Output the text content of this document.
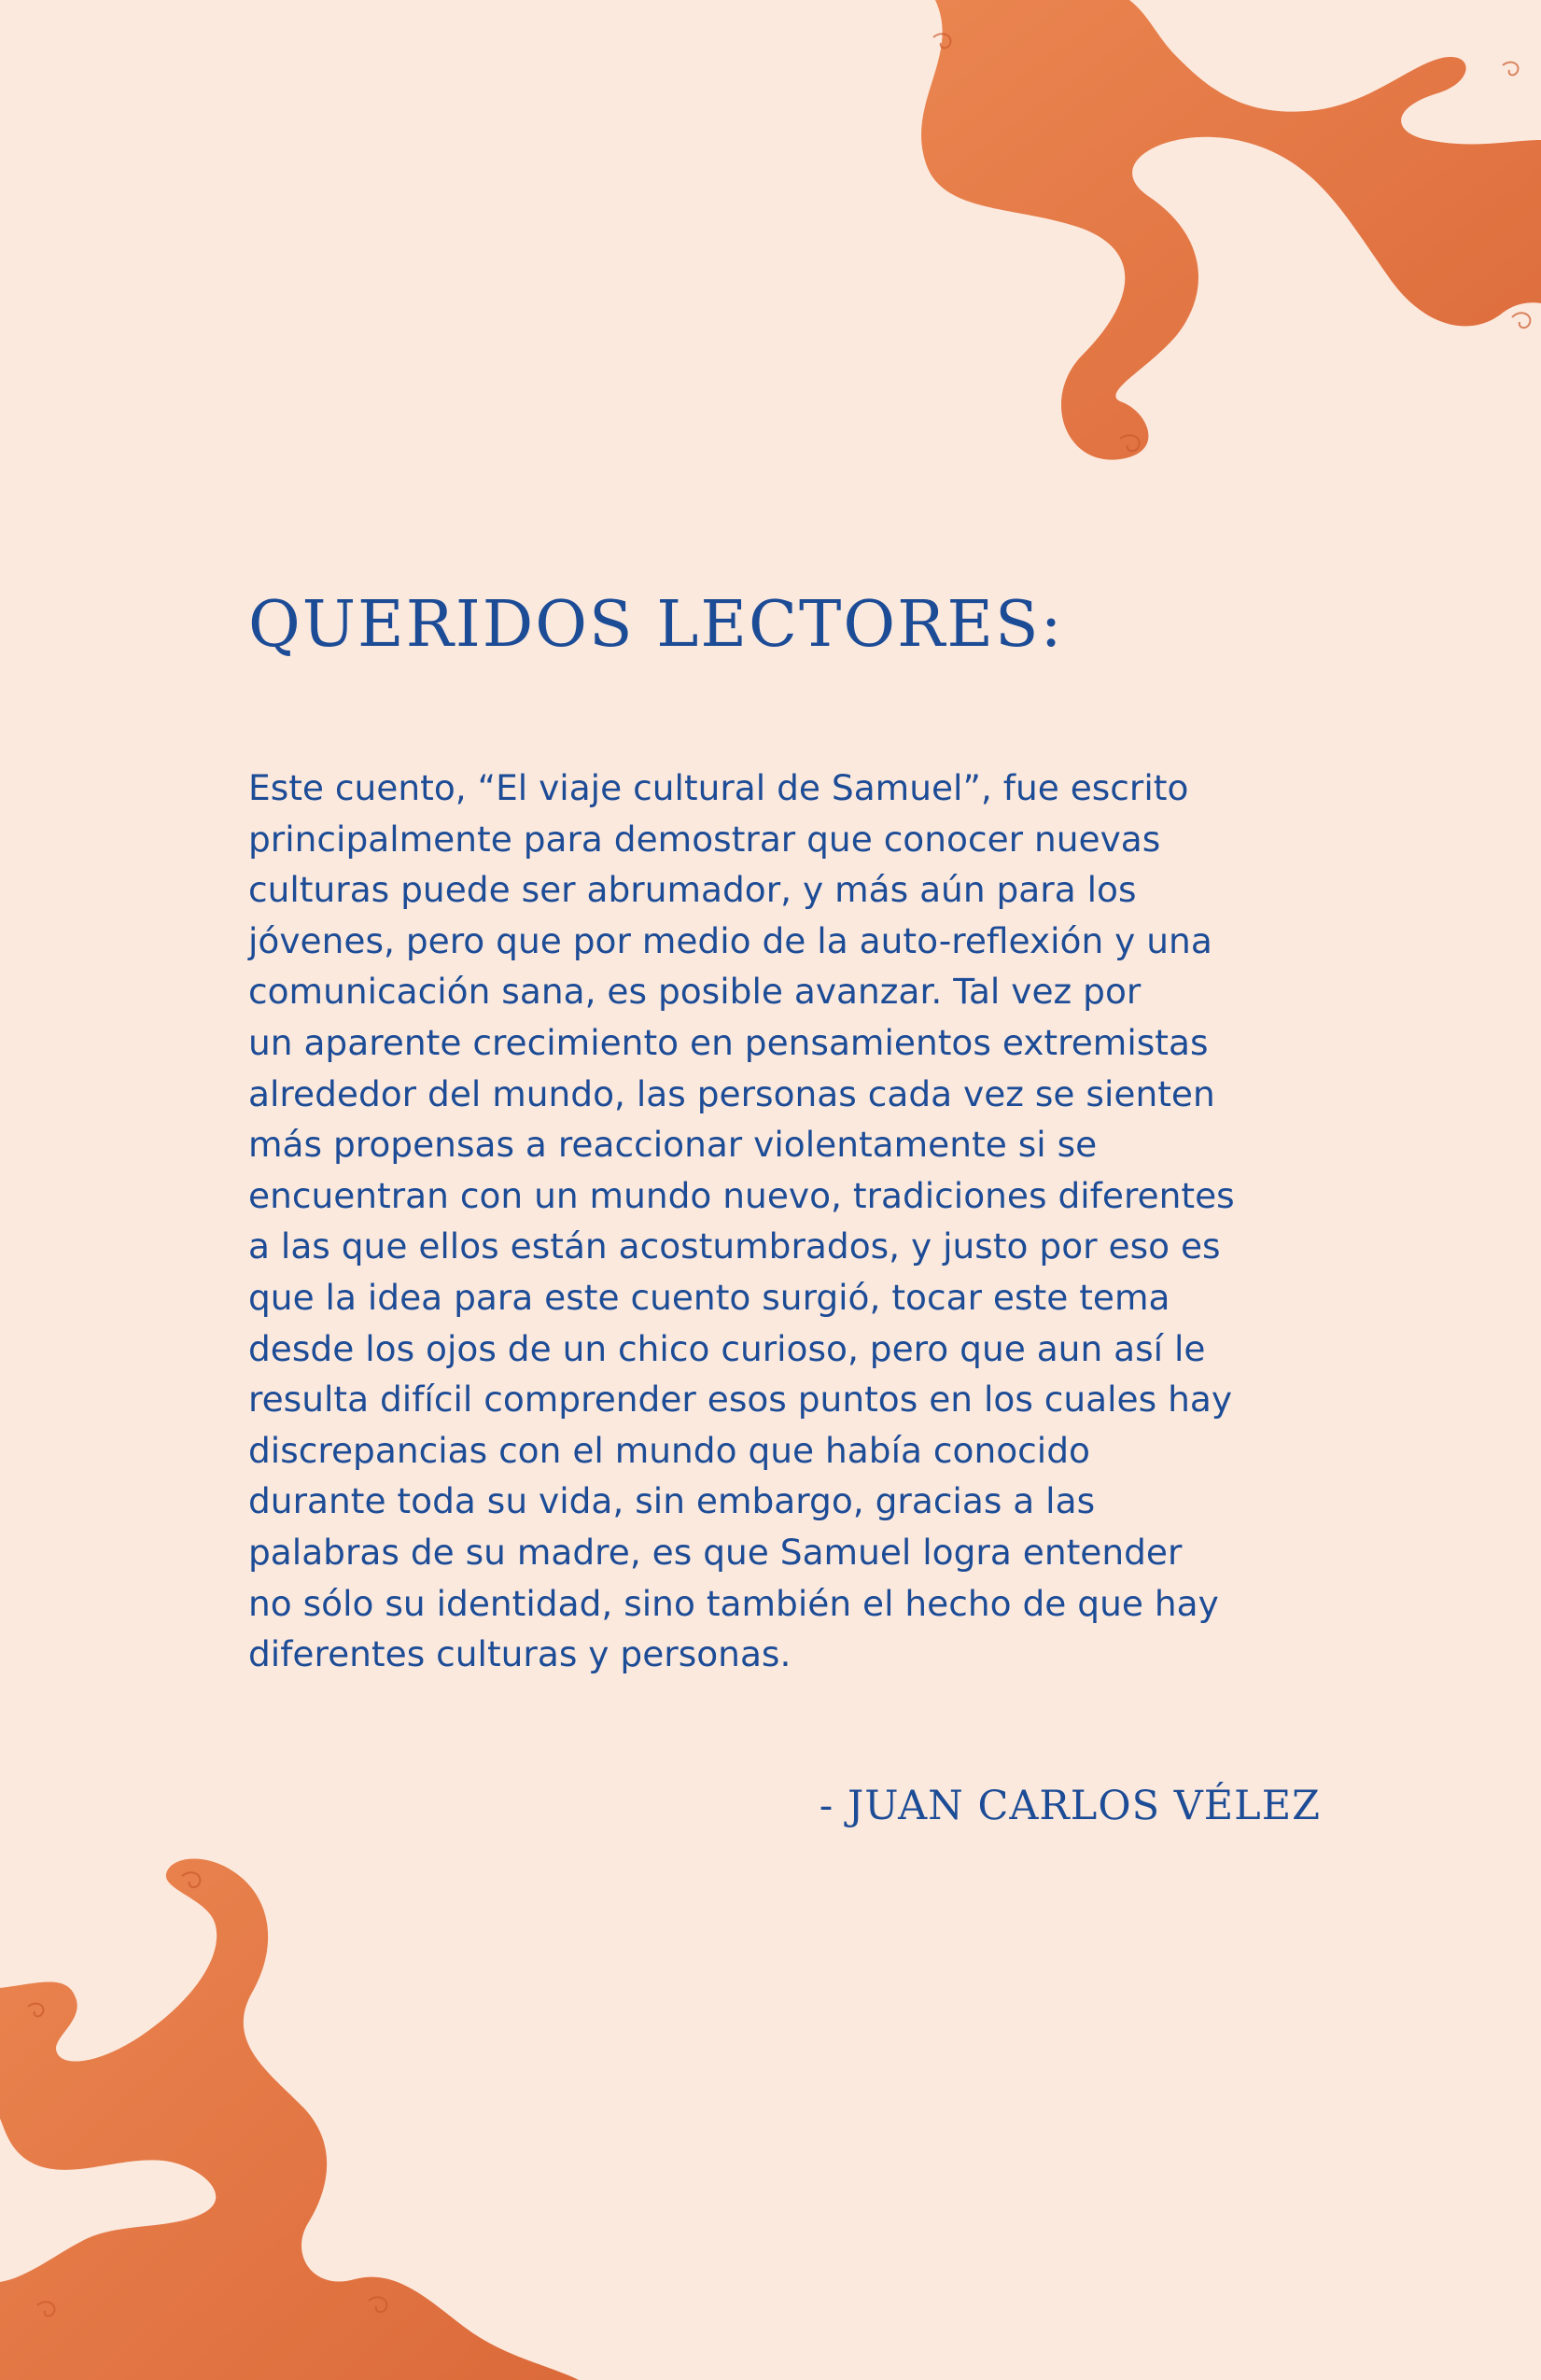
QUERIDOS LECTORES:
Este cuento, “El viaje cultural de Samuel”, fue escrito
principalmente para demostrar que conocer nuevas
culturas puede ser abrumador, y más aún para los
jóvenes, pero que por medio de la auto-reflexión y una
comunicación sana, es posible avanzar. Tal vez por
un aparente crecimiento en pensamientos extremistas
alrededor del mundo, las personas cada vez se sienten
más propensas a reaccionar violentamente si se
encuentran con un mundo nuevo, tradiciones diferentes
a las que ellos están acostumbrados, y justo por eso es
que la idea para este cuento surgió, tocar este tema
desde los ojos de un chico curioso, pero que aun así le
resulta difícil comprender esos puntos en los cuales hay
discrepancias con el mundo que había conocido
durante toda su vida, sin embargo, gracias a las
palabras de su madre, es que Samuel logra entender
no sólo su identidad, sino también el hecho de que hay
diferentes culturas y personas.

- JUAN CARLOS VÉLEZ
